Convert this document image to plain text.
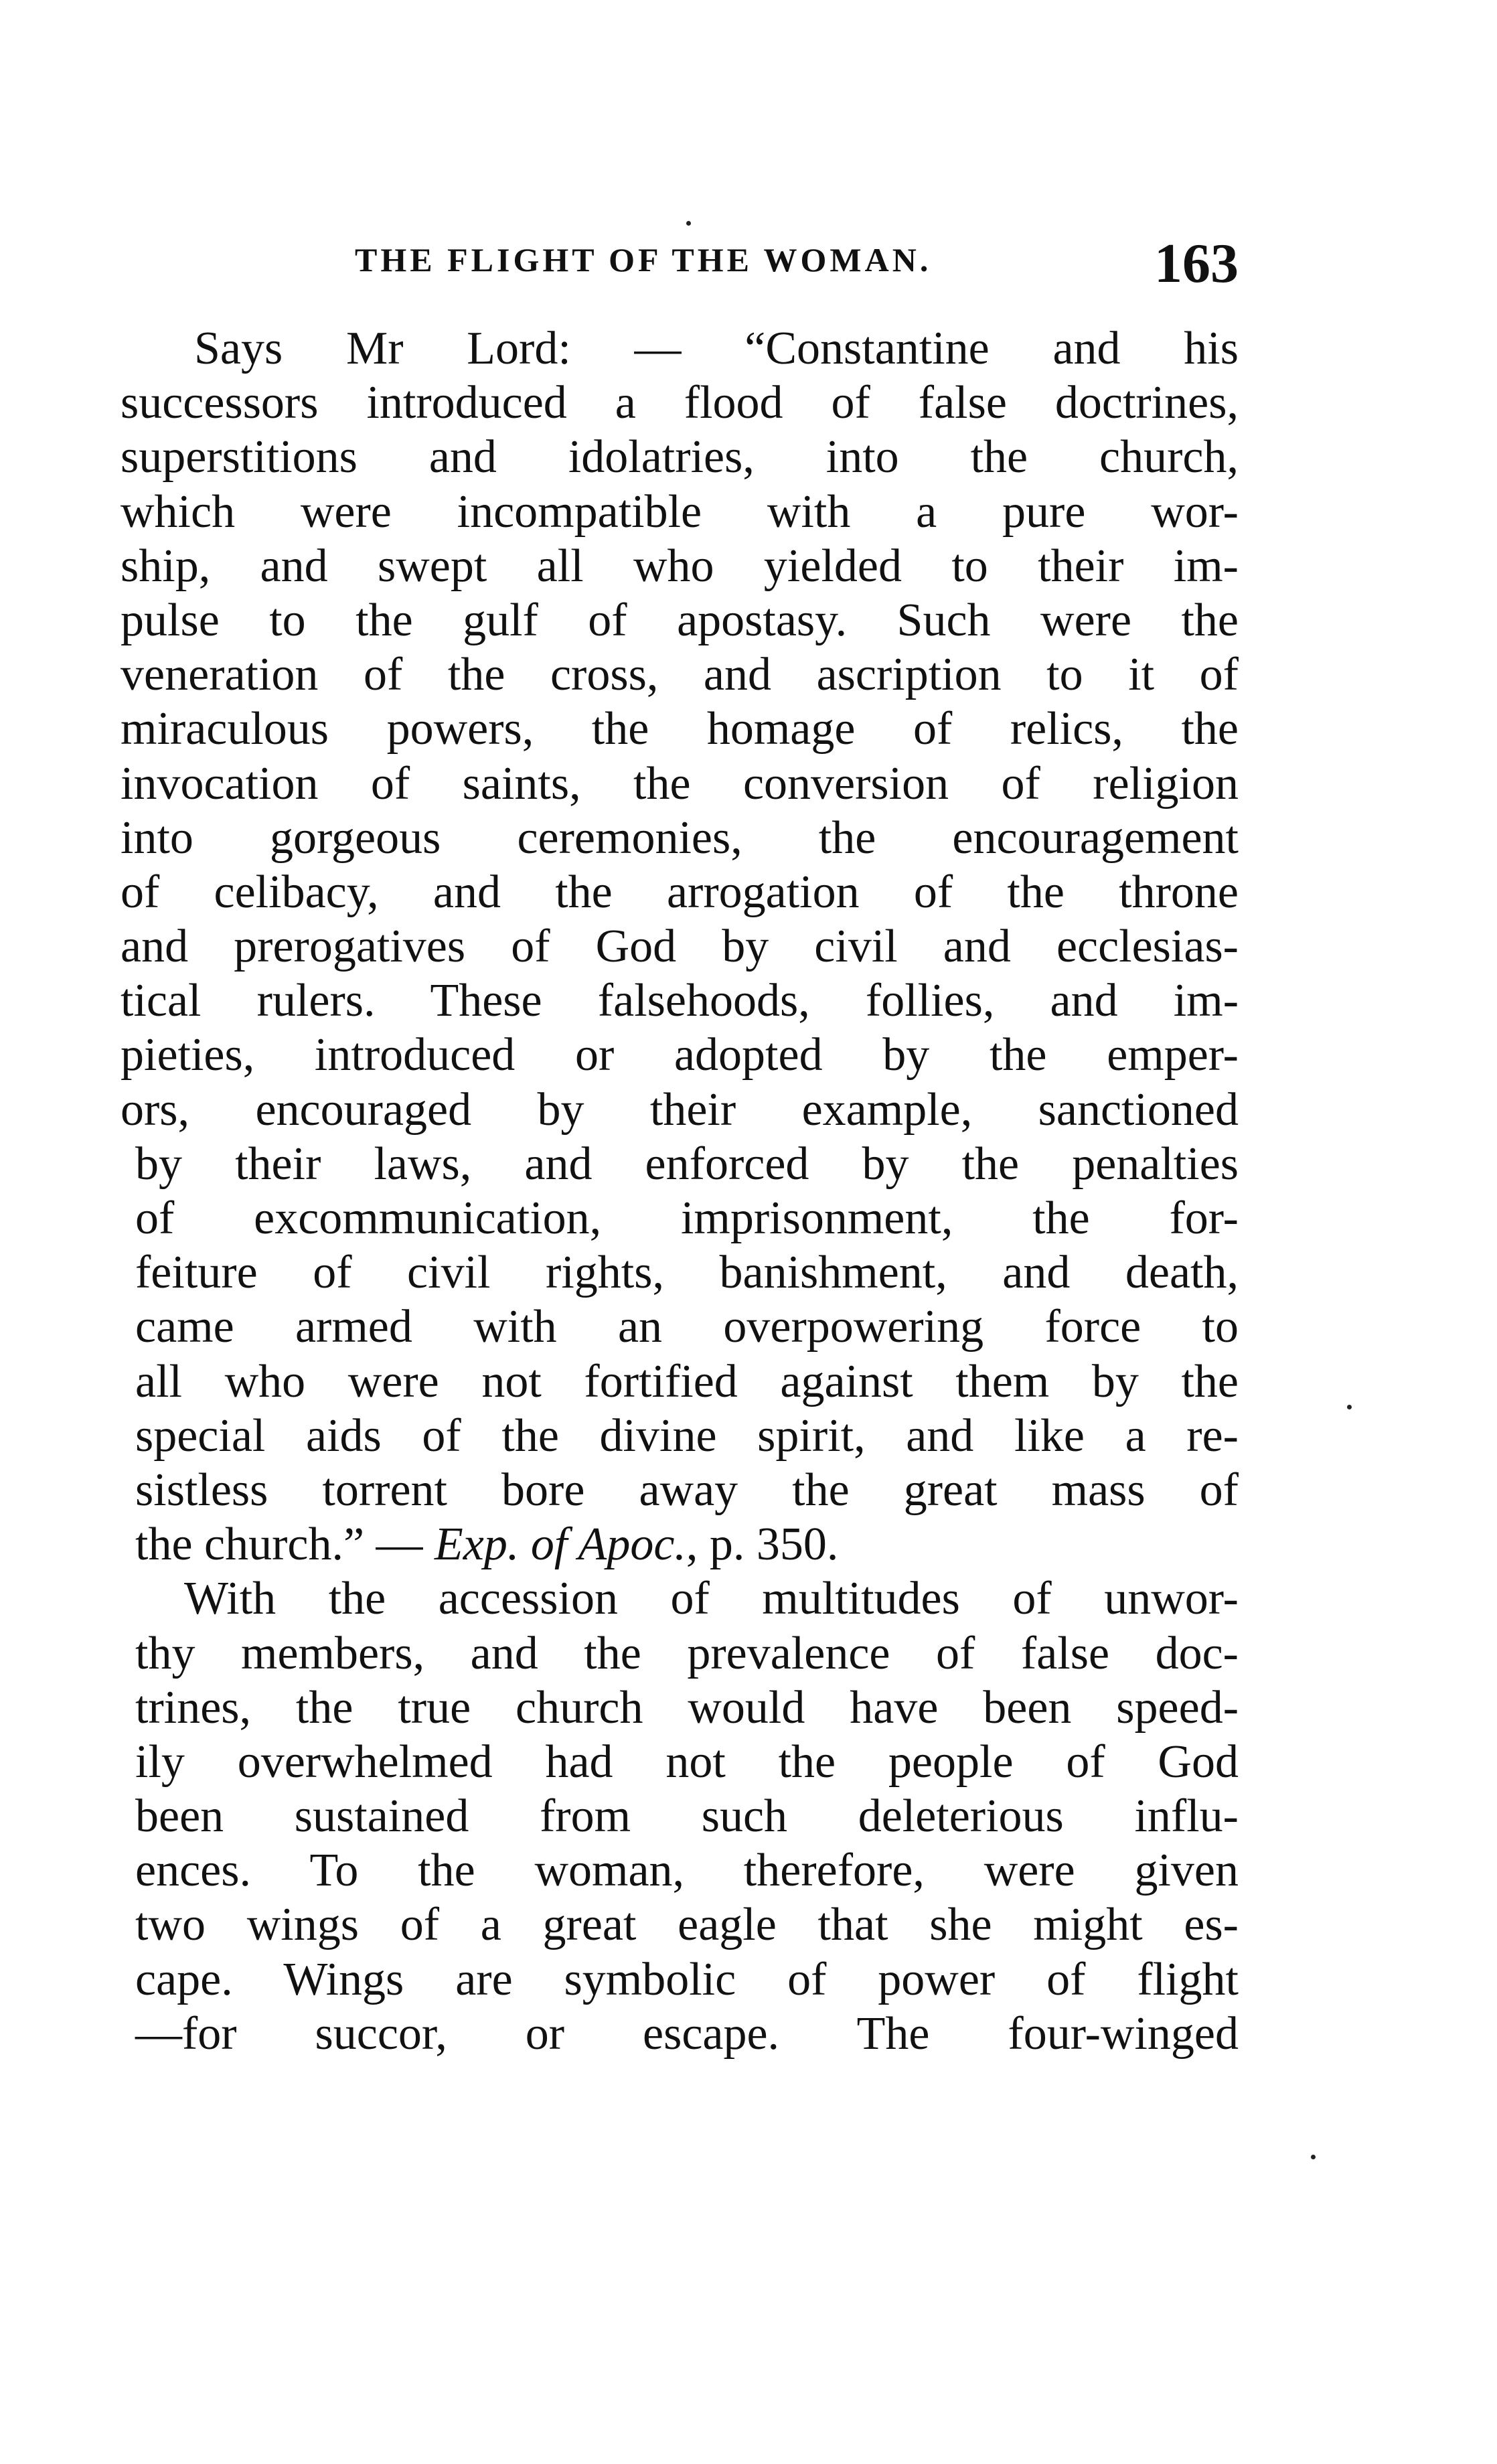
THE FLIGHT OF THE WOMAN.	163
Says Mr Lord: — “Constantine and his
successors introduced a flood of false doctrines,
superstitions and idolatries, into the church,
which were incompatible with a pure wor-
ship, and swept all who yielded to their im-
pulse to the gulf of apostasy. Such were the
veneration of the cross, and ascription to it of
miraculous powers, the homage of relics, the
invocation of saints, the conversion of religion
into gorgeous ceremonies, the encouragement
of celibacy, and the arrogation of the throne
and prerogatives of God by civil and ecclesias-
tical rulers. These falsehoods, follies, and im-
pieties, introduced or adopted by the emper-
ors, encouraged by their example, sanctioned
by their laws, and enforced by the penalties
of excommunication, imprisonment, the for-
feiture of civil rights, banishment, and death,
came armed with an overpowering force to
all who were not fortified against them by the
special aids of the divine spirit, and like a re-
sistless torrent bore away the great mass of
the church.” — Exp. of Apoc., p. 350.
With the accession of multitudes of unwor-
thy members, and the prevalence of false doc-
trines, the true church would have been speed-
ily overwhelmed had not the people of God
been sustained from such deleterious influ-
ences. To the woman, therefore, were given
two wings of a great eagle that she might es-
cape. Wings are symbolic of power of flight
—for succor, or escape. The four-winged
